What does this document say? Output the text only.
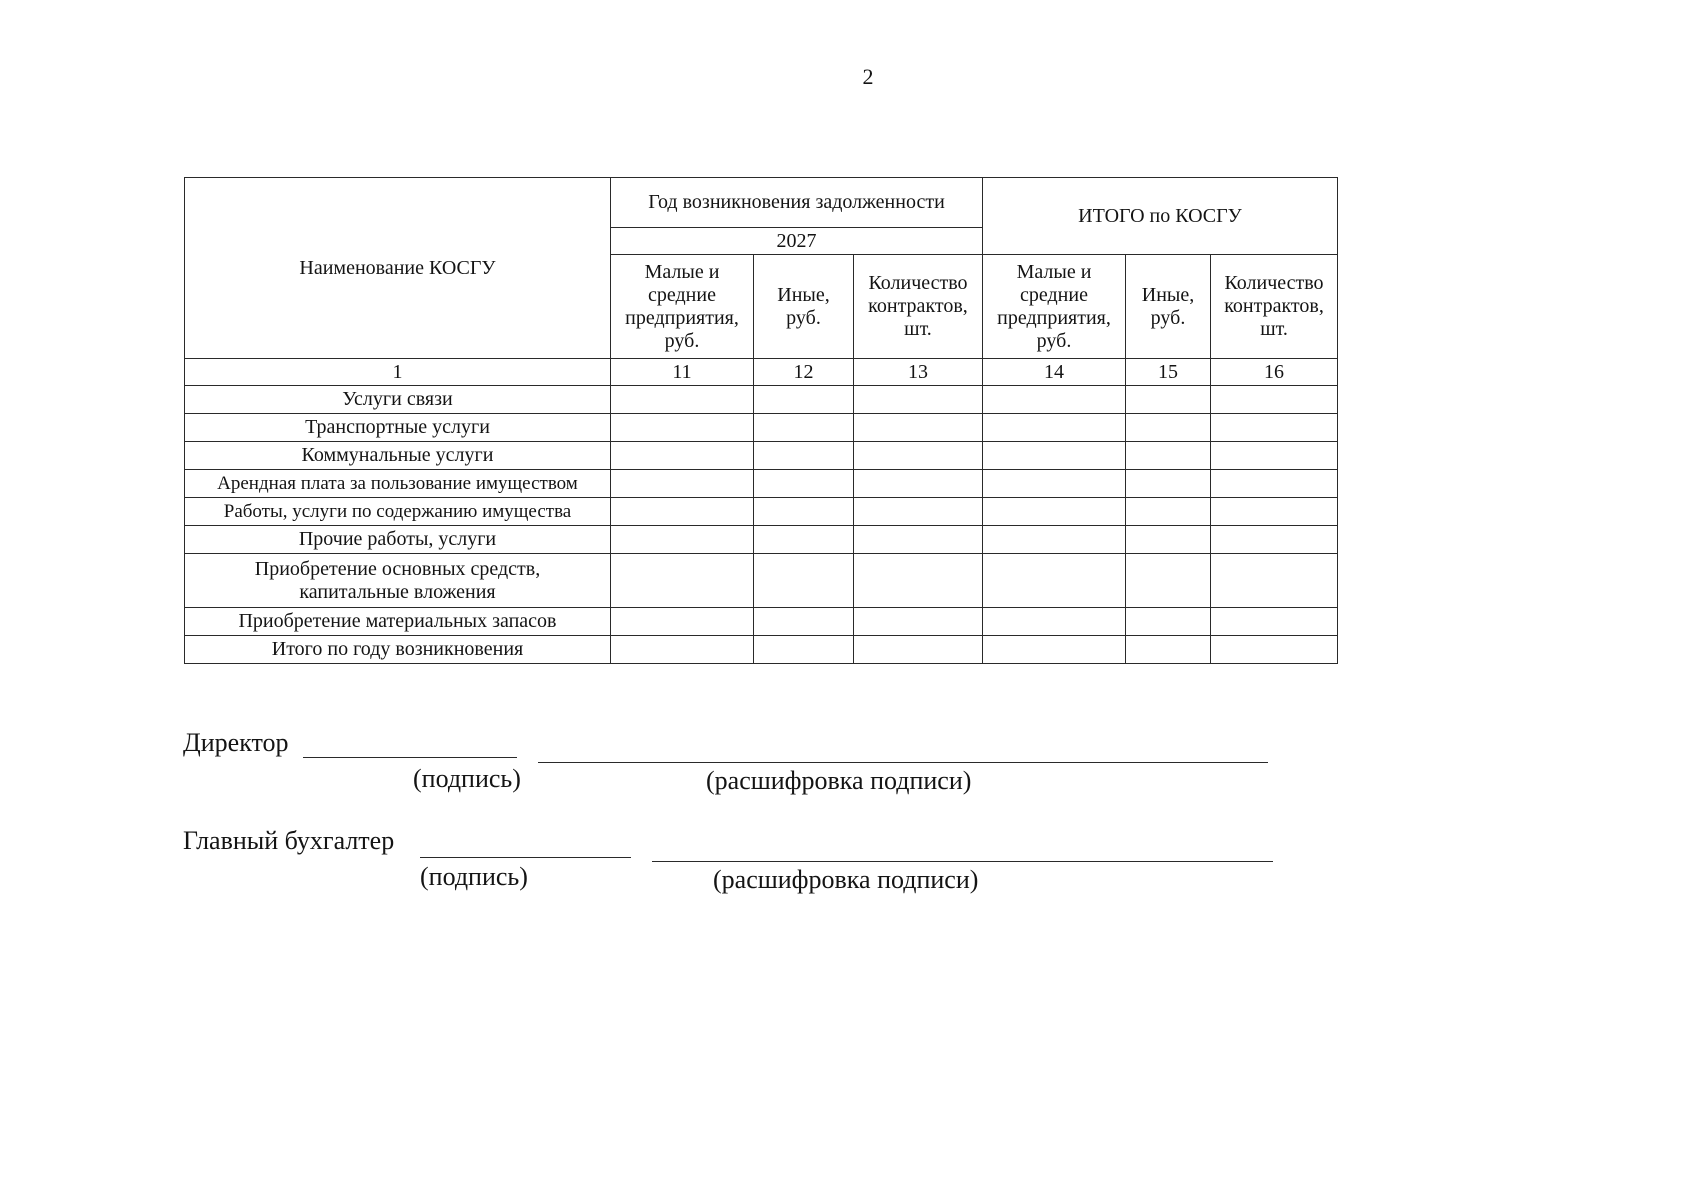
2
Наименование КОСГУ	Год возникновения задолженности			ИТОГО по КОСГУ		
	2027					
	Малые и средние предприятия, руб.	Иные, руб.	Количество контрактов, шт.	Малые и средние предприятия, руб.	Иные, руб.	Количество контрактов, шт.
1	11	12	13	14	15	16
Услуги связи						
Транспортные услуги						
Коммунальные услуги						
Арендная плата за пользование имуществом						
Работы, услуги по содержанию имущества						
Прочие работы, услуги						
Приобретение основных средств, капитальные вложения						
Приобретение материальных запасов						
Итого по году возникновения						
Директор
(подпись)	(расшифровка подписи)
Главный бухгалтер
(подпись)	(расшифровка подписи)
